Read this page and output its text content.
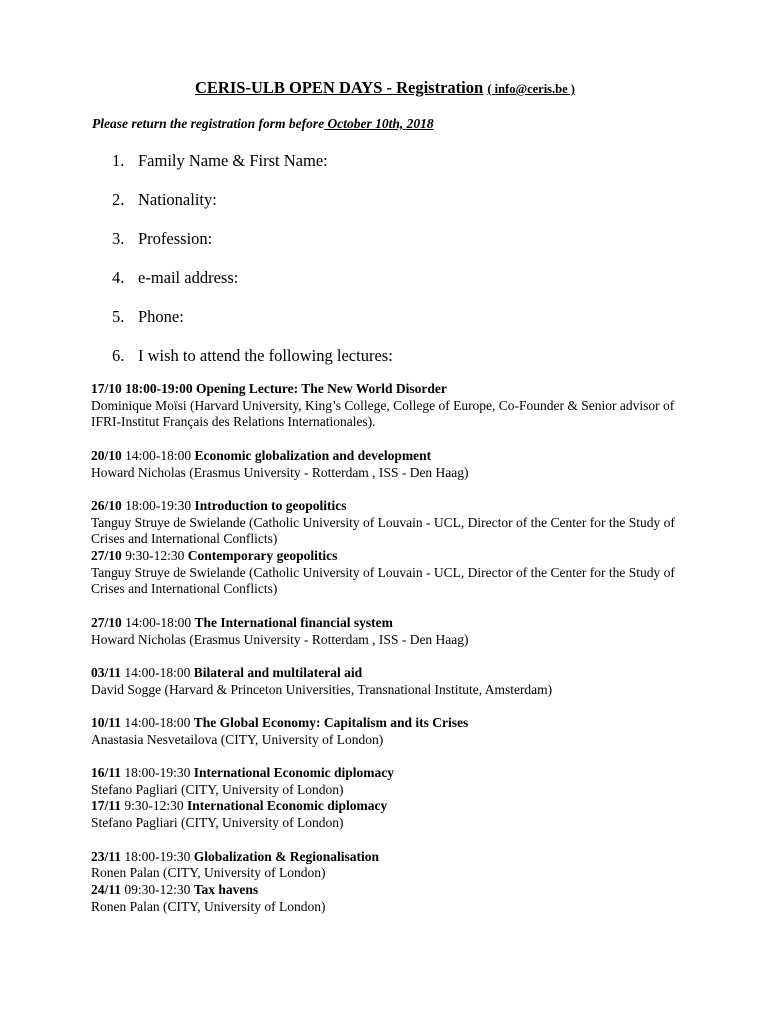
CERIS-ULB OPEN DAYS - Registration ( info@ceris.be )
Please return the registration form before October 10th, 2018
1. Family Name & First Name:
2. Nationality:
3. Profession:
4. e-mail address:
5. Phone:
6. I wish to attend the following lectures:
17/10 18:00-19:00 Opening Lecture: The New World Disorder
Dominique Moïsi (Harvard University, King’s College, College of Europe, Co-Founder & Senior advisor of IFRI-Institut Français des Relations Internationales).
20/10 14:00-18:00 Economic globalization and development
Howard Nicholas (Erasmus University - Rotterdam , ISS - Den Haag)
26/10 18:00-19:30 Introduction to geopolitics
Tanguy Struye de Swielande (Catholic University of Louvain - UCL, Director of the Center for the Study of Crises and International Conflicts)
27/10 9:30-12:30 Contemporary geopolitics
Tanguy Struye de Swielande (Catholic University of Louvain - UCL, Director of the Center for the Study of Crises and International Conflicts)
27/10 14:00-18:00 The International financial system
Howard Nicholas (Erasmus University - Rotterdam , ISS - Den Haag)
03/11 14:00-18:00 Bilateral and multilateral aid
David Sogge (Harvard & Princeton Universities, Transnational Institute, Amsterdam)
10/11 14:00-18:00 The Global Economy: Capitalism and its Crises
Anastasia Nesvetailova (CITY, University of London)
16/11 18:00-19:30 International Economic diplomacy
Stefano Pagliari (CITY, University of London)
17/11 9:30-12:30 International Economic diplomacy
Stefano Pagliari (CITY, University of London)
23/11 18:00-19:30 Globalization & Regionalisation
Ronen Palan (CITY, University of London)
24/11 09:30-12:30 Tax havens
Ronen Palan (CITY, University of London)
